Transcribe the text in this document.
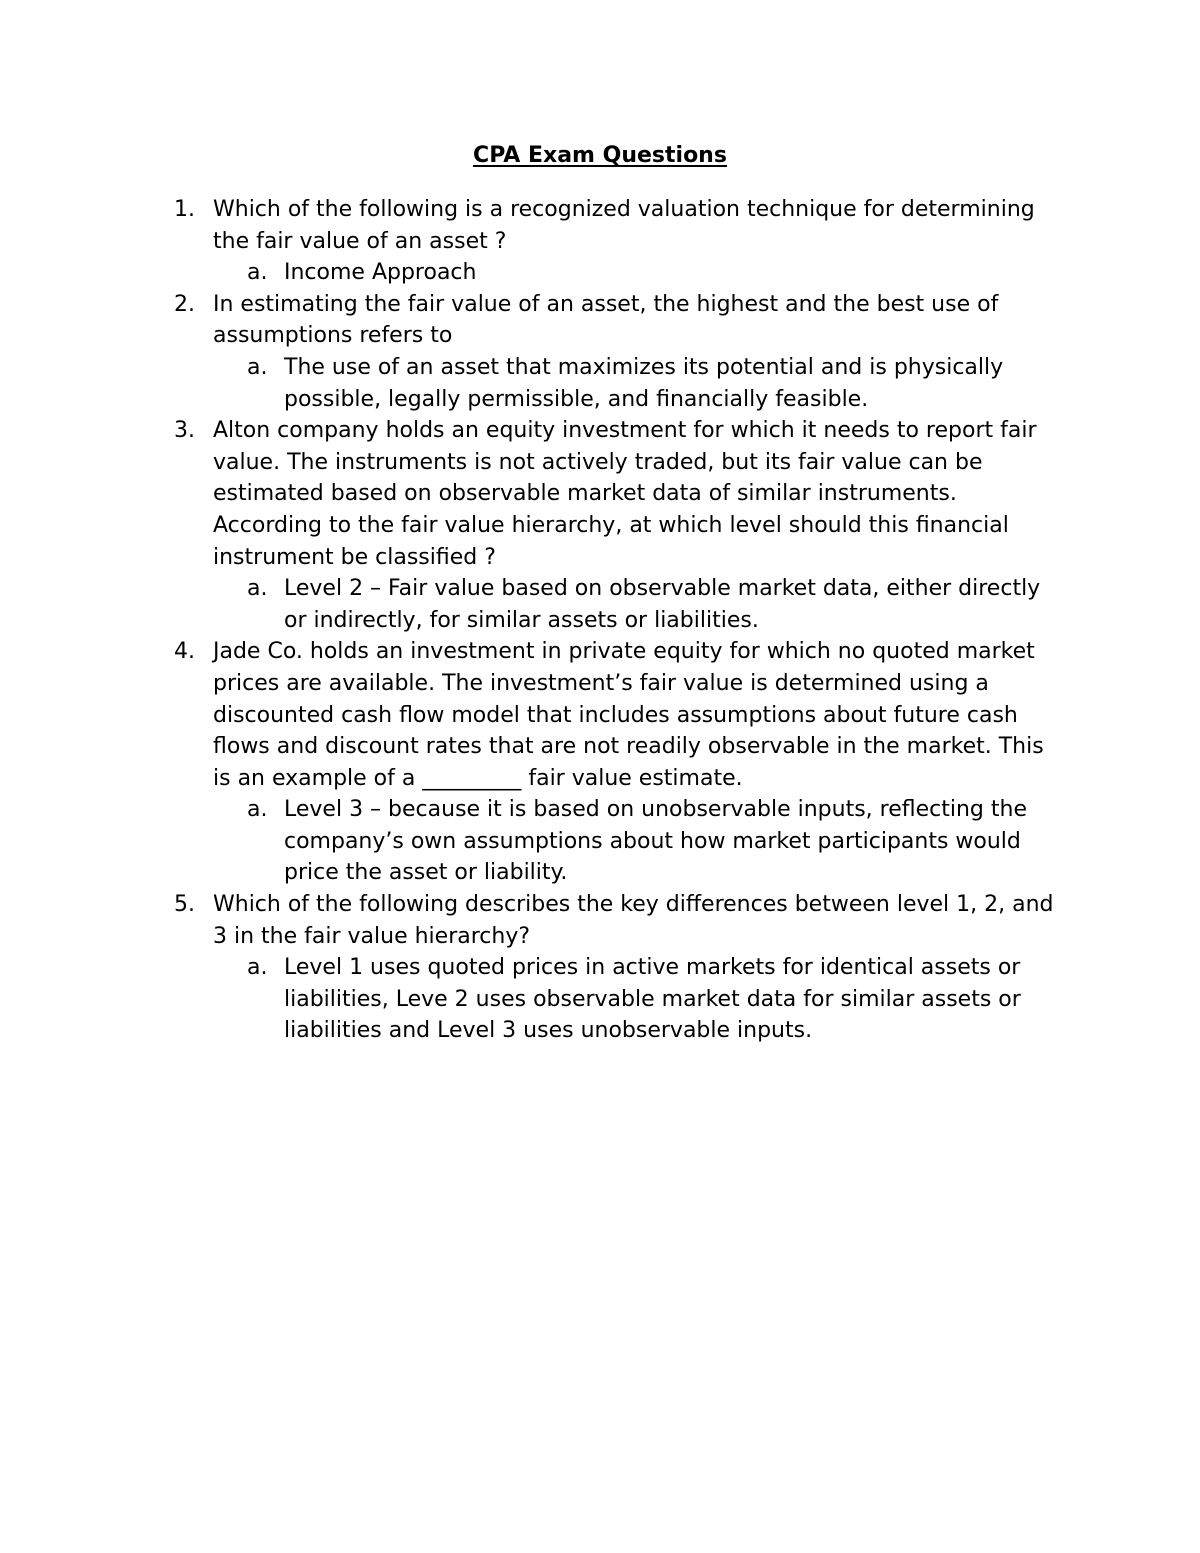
CPA Exam Questions
1. Which of the following is a recognized valuation technique for determining the fair value of an asset ?
a. Income Approach
2. In estimating the fair value of an asset, the highest and the best use of assumptions refers to
a. The use of an asset that maximizes its potential and is physically possible, legally permissible, and financially feasible.
3. Alton company holds an equity investment for which it needs to report fair value. The instruments is not actively traded, but its fair value can be estimated based on observable market data of similar instruments. According to the fair value hierarchy, at which level should this financial instrument be classified ?
a. Level 2 – Fair value based on observable market data, either directly or indirectly, for similar assets or liabilities.
4. Jade Co. holds an investment in private equity for which no quoted market prices are available. The investment’s fair value is determined using a discounted cash flow model that includes assumptions about future cash flows and discount rates that are not readily observable in the market. This is an example of a _________ fair value estimate.
a. Level 3 – because it is based on unobservable inputs, reflecting the company’s own assumptions about how market participants would price the asset or liability.
5. Which of the following describes the key differences between level 1, 2, and 3 in the fair value hierarchy?
a. Level 1 uses quoted prices in active markets for identical assets or liabilities, Leve 2 uses observable market data for similar assets or liabilities and Level 3 uses unobservable inputs.
